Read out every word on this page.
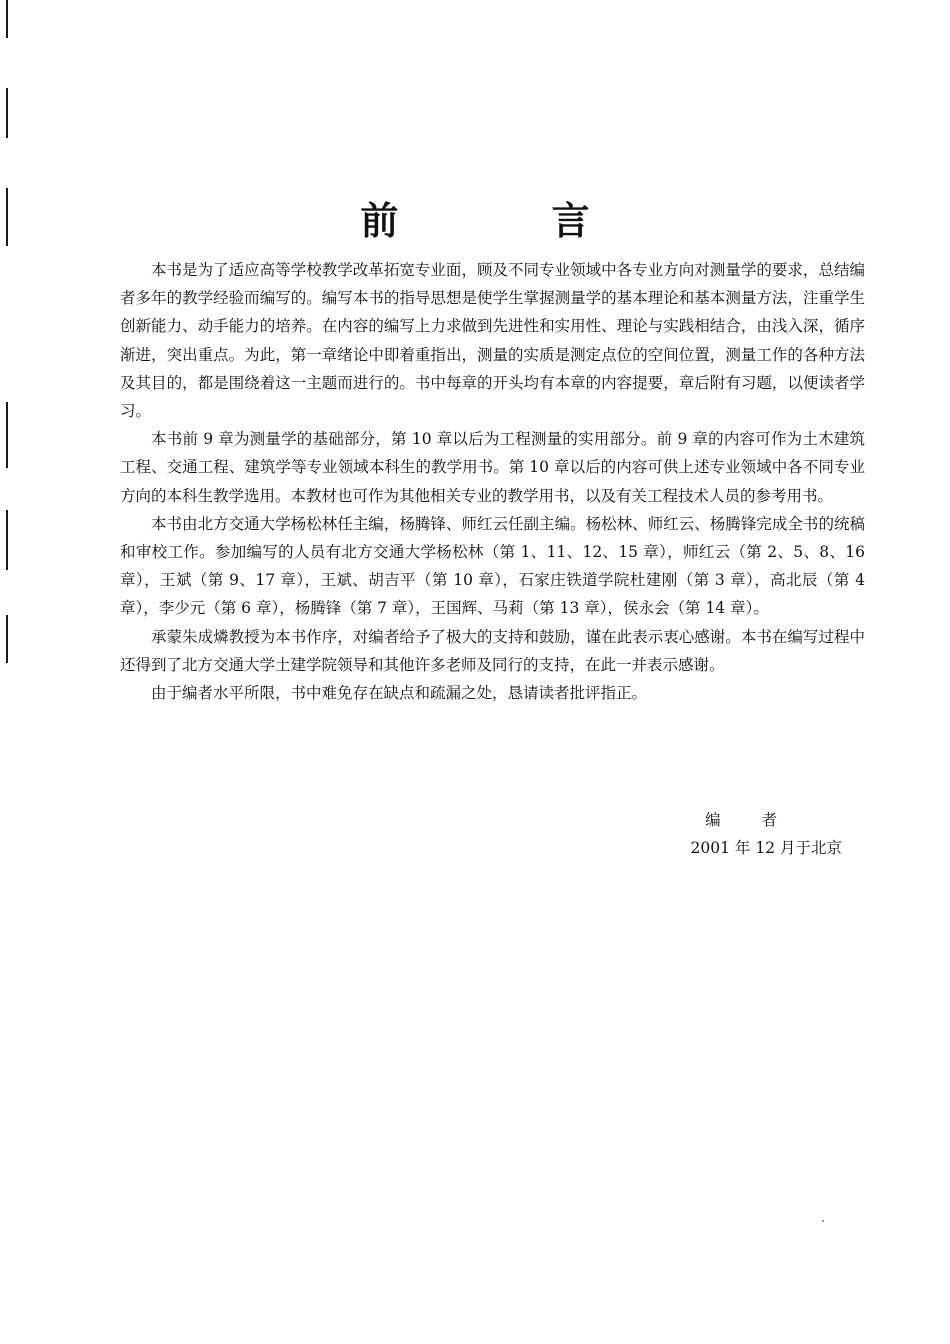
前 言

本书是为了适应高等学校教学改革拓宽专业面，顾及不同专业领域中各专业方向对测量学的要求，总结编者多年的教学经验而编写的。编写本书的指导思想是使学生掌握测量学的基本理论和基本测量方法，注重学生创新能力、动手能力的培养。在内容的编写上力求做到先进性和实用性、理论与实践相结合，由浅入深，循序渐进，突出重点。为此，第一章绪论中即着重指出，测量的实质是测定点位的空间位置，测量工作的各种方法及其目的，都是围绕着这一主题而进行的。书中每章的开头均有本章的内容提要，章后附有习题，以便读者学习。

本书前 9 章为测量学的基础部分，第 10 章以后为工程测量的实用部分。前 9 章的内容可作为土木建筑工程、交通工程、建筑学等专业领域本科生的教学用书。第 10 章以后的内容可供上述专业领域中各不同专业方向的本科生教学选用。本教材也可作为其他相关专业的教学用书，以及有关工程技术人员的参考用书。

本书由北方交通大学杨松林任主编，杨腾锋、师红云任副主编。杨松林、师红云、杨腾锋完成全书的统稿和审校工作。参加编写的人员有北方交通大学杨松林（第 1、11、12、15 章），师红云（第 2、5、8、16 章），王斌（第 9、17 章），王斌、胡吉平（第 10 章），石家庄铁道学院杜建刚（第 3 章），高北辰（第 4 章），李少元（第 6 章），杨腾锋（第 7 章），王国辉、马莉（第 13 章），侯永会（第 14 章）。

承蒙朱成燐教授为本书作序，对编者给予了极大的支持和鼓励，谨在此表示衷心感谢。本书在编写过程中还得到了北方交通大学土建学院领导和其他许多老师及同行的支持，在此一并表示感谢。

由于编者水平所限，书中难免存在缺点和疏漏之处，恳请读者批评指正。

编 者
2001 年 12 月于北京
